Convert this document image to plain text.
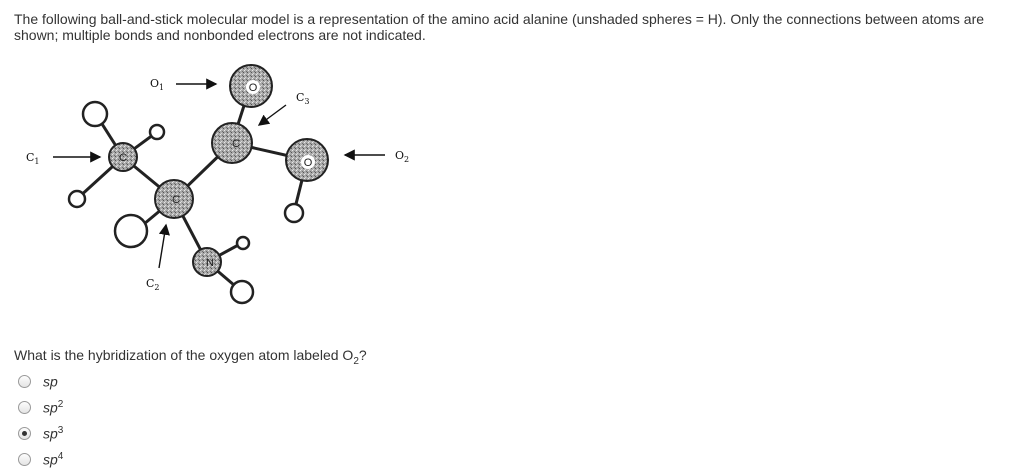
The following ball-and-stick molecular model is a representation of the amino acid alanine (unshaded spheres = H). Only the connections between atoms are shown; multiple bonds and nonbonded electrons are not indicated.

C
C
C
O
O
N
$O_1$
$C_3$
$C_1$	$O_2$
$C_2$

What is the hybridization of the oxygen atom labeled $O_2$?

sp
$sp^2$
$sp^3$
$sp^4$
